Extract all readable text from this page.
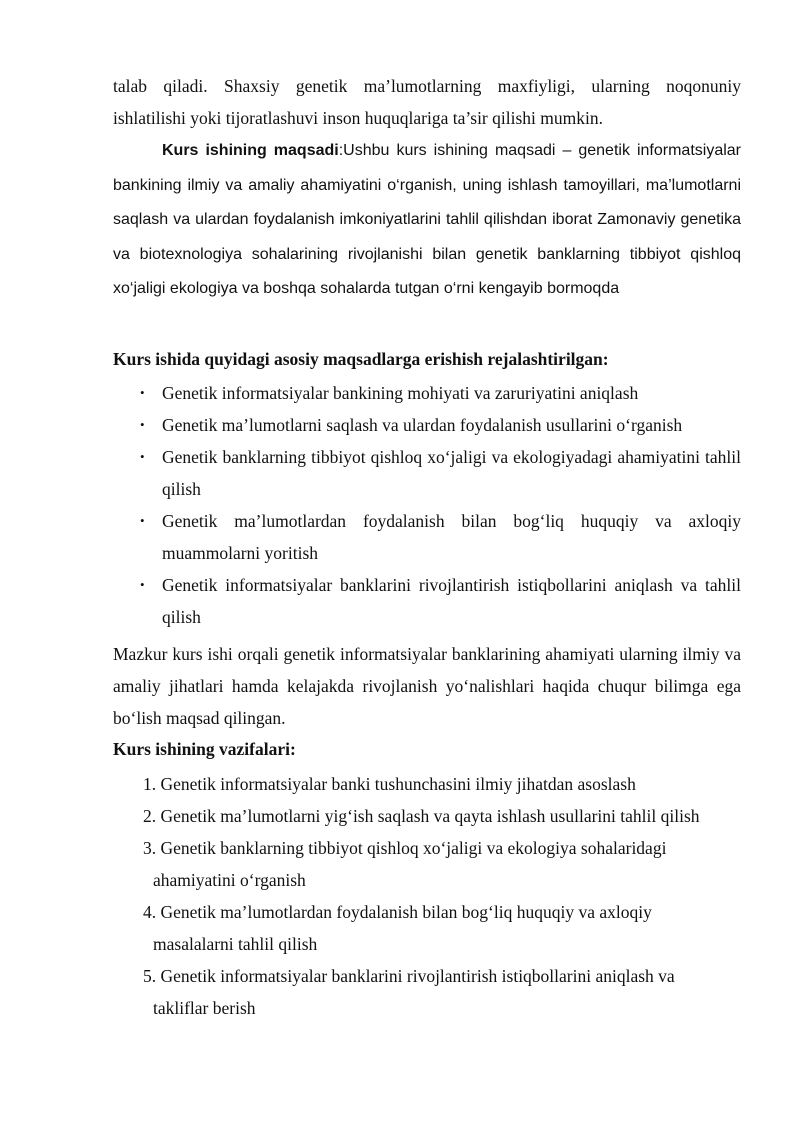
talab qiladi. Shaxsiy genetik ma’lumotlarning maxfiyligi, ularning noqonuniy

ishlatilishi yoki tijoratlashuvi inson huquqlariga ta’sir qilishi mumkin.

Kurs ishining maqsadi:Ushbu kurs ishining maqsadi – genetik informatsiyalar bankining ilmiy va amaliy ahamiyatini o‘rganish, uning ishlash tamoyillari, ma’lumotlarni saqlash va ulardan foydalanish imkoniyatlarini tahlil qilishdan iborat Zamonaviy genetika va biotexnologiya sohalarining rivojlanishi bilan genetik banklarning tibbiyot qishloq xo‘jaligi ekologiya va boshqa sohalarda tutgan o‘rni kengayib bormoqda

Kurs ishida quyidagi asosiy maqsadlarga erishish rejalashtirilgan:

• Genetik informatsiyalar bankining mohiyati va zaruriyatini aniqlash
• Genetik ma’lumotlarni saqlash va ulardan foydalanish usullarini o‘rganish
• Genetik banklarning tibbiyot qishloq xo‘jaligi va ekologiyadagi ahamiyatini tahlil qilish
• Genetik ma’lumotlardan foydalanish bilan bog‘liq huquqiy va axloqiy muammolarni yoritish
• Genetik informatsiyalar banklarini rivojlantirish istiqbollarini aniqlash va tahlil qilish

Mazkur kurs ishi orqali genetik informatsiyalar banklarining ahamiyati ularning ilmiy va amaliy jihatlari hamda kelajakda rivojlanish yo‘nalishlari haqida chuqur bilimga ega bo‘lish maqsad qilingan.

Kurs ishining vazifalari:

1. Genetik informatsiyalar banki tushunchasini ilmiy jihatdan asoslash
2. Genetik ma’lumotlarni yig‘ish saqlash va qayta ishlash usullarini tahlil qilish
3. Genetik banklarning tibbiyot qishloq xo‘jaligi va ekologiya sohalaridagi
ahamiyatini o‘rganish
4. Genetik ma’lumotlardan foydalanish bilan bog‘liq huquqiy va axloqiy
masalalarni tahlil qilish
5. Genetik informatsiyalar banklarini rivojlantirish istiqbollarini aniqlash va
takliflar berish
